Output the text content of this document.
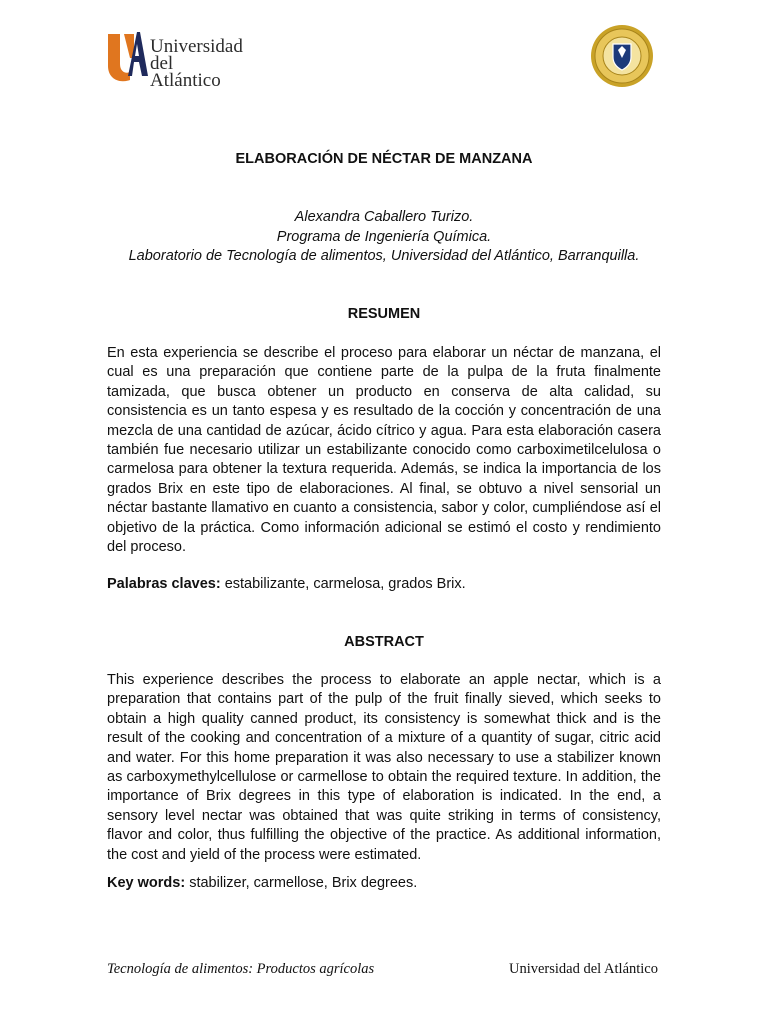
Universidad
del Atlántico
ELABORACIÓN DE NÉCTAR DE MANZANA
Alexandra Caballero Turizo.
Programa de Ingeniería Química.
Laboratorio de Tecnología de alimentos, Universidad del Atlántico, Barranquilla.
RESUMEN

En esta experiencia se describe el proceso para elaborar un néctar de manzana, el cual es una preparación que contiene parte de la pulpa de la fruta finalmente tamizada, que busca obtener un producto en conserva de alta calidad, su consistencia es un tanto espesa y es resultado de la cocción y concentración de una mezcla de una cantidad de azúcar, ácido cítrico y agua. Para esta elaboración casera también fue necesario utilizar un estabilizante conocido como carboximetilcelulosa o carmelosa para obtener la textura requerida. Además, se indica la importancia de los grados Brix en este tipo de elaboraciones. Al final, se obtuvo a nivel sensorial un néctar bastante llamativo en cuanto a consistencia, sabor y color, cumpliéndose así el objetivo de la práctica. Como información adicional se estimó el costo y rendimiento del proceso.

Palabras claves: estabilizante, carmelosa, grados Brix.
ABSTRACT

This experience describes the process to elaborate an apple nectar, which is a preparation that contains part of the pulp of the fruit finally sieved, which seeks to obtain a high quality canned product, its consistency is somewhat thick and is the result of the cooking and concentration of a mixture of a quantity of sugar, citric acid and water. For this home preparation it was also necessary to use a stabilizer known as carboxymethylcellulose or carmellose to obtain the required texture. In addition, the importance of Brix degrees in this type of elaboration is indicated. In the end, a sensory level nectar was obtained that was quite striking in terms of consistency, flavor and color, thus fulfilling the objective of the practice. As additional information, the cost and yield of the process were estimated.

Key words: stabilizer, carmellose, Brix degrees.
Tecnología de alimentos: Productos agrícolas	Universidad del Atlántico
